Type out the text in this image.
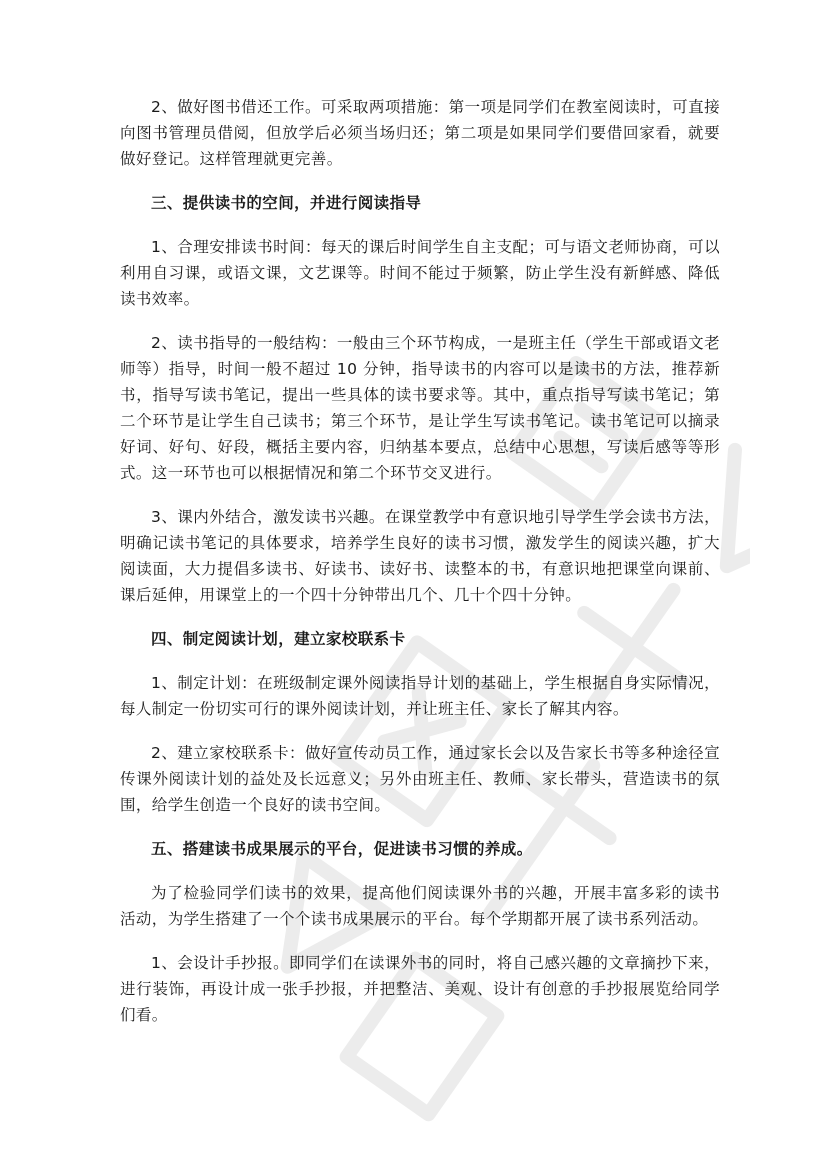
2、做好图书借还工作。可采取两项措施：第一项是同学们在教室阅读时，可直接向图书管理员借阅，但放学后必须当场归还；第二项是如果同学们要借回家看，就要做好登记。这样管理就更完善。

三、提供读书的空间，并进行阅读指导

1、合理安排读书时间：每天的课后时间学生自主支配；可与语文老师协商，可以利用自习课，或语文课，文艺课等。时间不能过于频繁，防止学生没有新鲜感、降低读书效率。

2、读书指导的一般结构：一般由三个环节构成，一是班主任（学生干部或语文老师等）指导，时间一般不超过 10 分钟，指导读书的内容可以是读书的方法，推荐新书，指导写读书笔记，提出一些具体的读书要求等。其中，重点指导写读书笔记；第二个环节是让学生自己读书；第三个环节，是让学生写读书笔记。读书笔记可以摘录好词、好句、好段，概括主要内容，归纳基本要点，总结中心思想，写读后感等等形式。这一环节也可以根据情况和第二个环节交叉进行。

3、课内外结合，激发读书兴趣。在课堂教学中有意识地引导学生学会读书方法，明确记读书笔记的具体要求，培养学生良好的读书习惯，激发学生的阅读兴趣，扩大阅读面，大力提倡多读书、好读书、读好书、读整本的书，有意识地把课堂向课前、课后延伸，用课堂上的一个四十分钟带出几个、几十个四十分钟。

四、制定阅读计划，建立家校联系卡

1、制定计划：在班级制定课外阅读指导计划的基础上，学生根据自身实际情况，每人制定一份切实可行的课外阅读计划，并让班主任、家长了解其内容。

2、建立家校联系卡：做好宣传动员工作，通过家长会以及告家长书等多种途径宣传课外阅读计划的益处及长远意义；另外由班主任、教师、家长带头，营造读书的氛围，给学生创造一个良好的读书空间。

五、搭建读书成果展示的平台，促进读书习惯的养成。

为了检验同学们读书的效果，提高他们阅读课外书的兴趣，开展丰富多彩的读书活动，为学生搭建了一个个读书成果展示的平台。每个学期都开展了读书系列活动。

1、会设计手抄报。即同学们在读课外书的同时，将自己感兴趣的文章摘抄下来，进行装饰，再设计成一张手抄报，并把整洁、美观、设计有创意的手抄报展览给同学们看。
